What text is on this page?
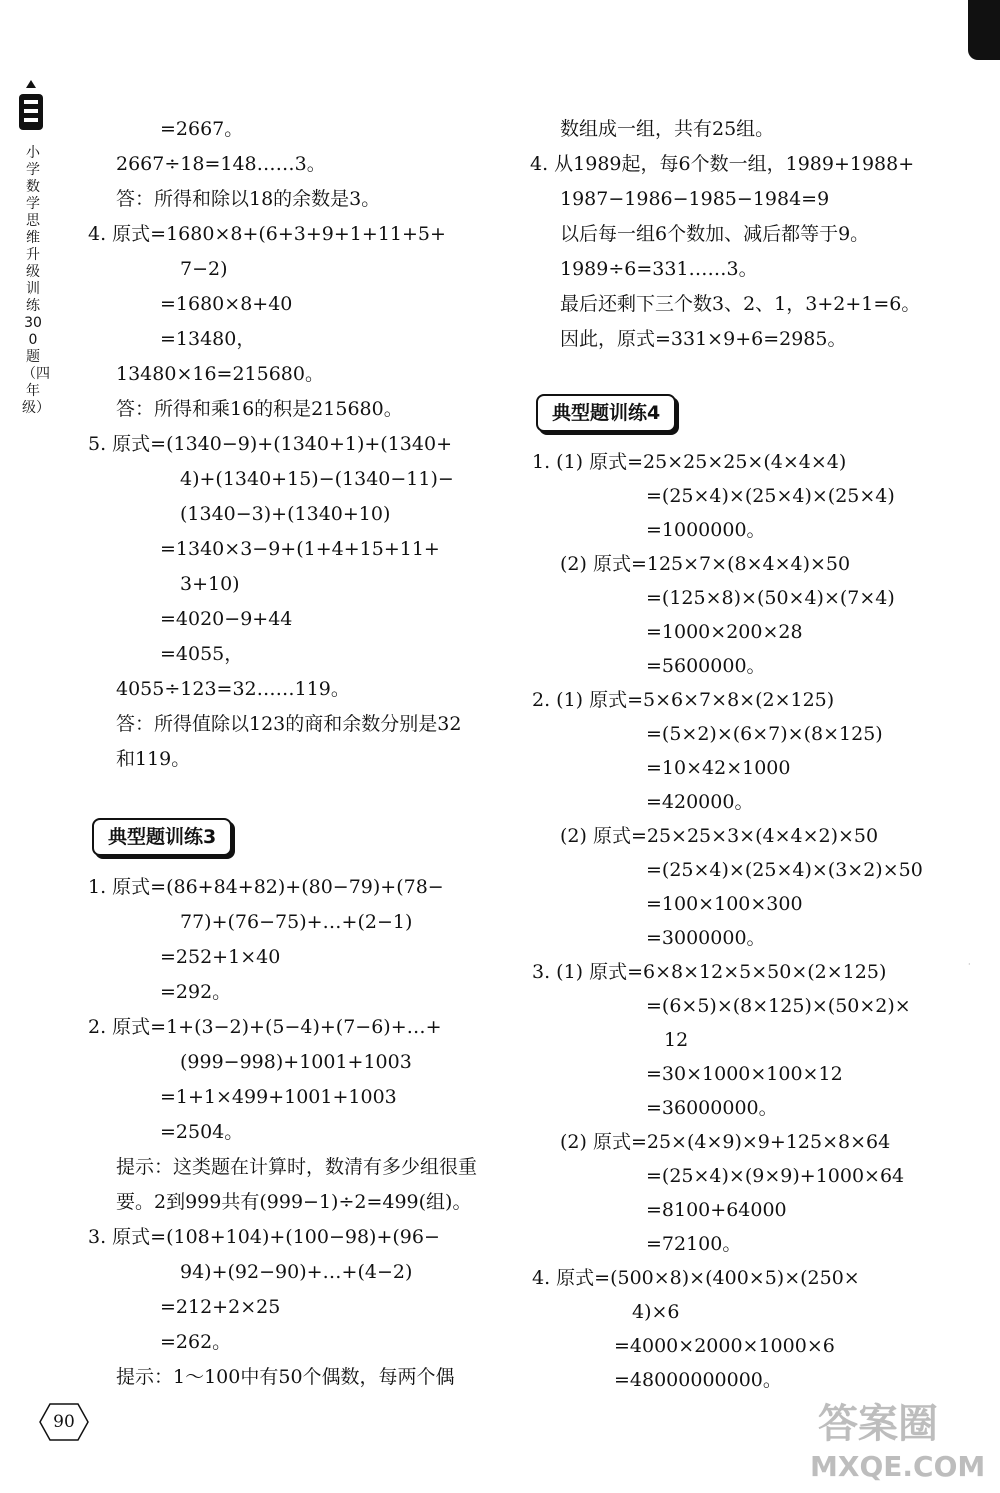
小学数学思维升级训练300题（四年级）
=2667。
2667÷18=148……3。
答：所得和除以18的余数是3。
4. 原式=1680×8+(6+3+9+1+11+5+
7−2)
=1680×8+40
=13480，
13480×16=215680。
答：所得和乘16的积是215680。
5. 原式=(1340−9)+(1340+1)+(1340+
4)+(1340+15)−(1340−11)−
(1340−3)+(1340+10)
=1340×3−9+(1+4+15+11+
3+10)
=4020−9+44
=4055，
4055÷123=32……119。
答：所得值除以123的商和余数分别是32
和119。
典型题训练3
1. 原式=(86+84+82)+(80−79)+(78−
77)+(76−75)+…+(2−1)
=252+1×40
=292。
2. 原式=1+(3−2)+(5−4)+(7−6)+…+
(999−998)+1001+1003
=1+1×499+1001+1003
=2504。
提示：这类题在计算时，数清有多少组很重
要。2到999共有(999−1)÷2=499(组)。
3. 原式=(108+104)+(100−98)+(96−
94)+(92−90)+…+(4−2)
=212+2×25
=262。
提示：1～100中有50个偶数，每两个偶
数组成一组，共有25组。
4. 从1989起，每6个数一组，1989+1988+
1987−1986−1985−1984=9
以后每一组6个数加、减后都等于9。
1989÷6=331……3。
最后还剩下三个数3、2、1，3+2+1=6。
因此，原式=331×9+6=2985。
典型题训练4
1. (1) 原式=25×25×25×(4×4×4)
=(25×4)×(25×4)×(25×4)
=1000000。
(2) 原式=125×7×(8×4×4)×50
=(125×8)×(50×4)×(7×4)
=1000×200×28
=5600000。
2. (1) 原式=5×6×7×8×(2×125)
=(5×2)×(6×7)×(8×125)
=10×42×1000
=420000。
(2) 原式=25×25×3×(4×4×2)×50
=(25×4)×(25×4)×(3×2)×50
=100×100×300
=3000000。
3. (1) 原式=6×8×12×5×50×(2×125)
=(6×5)×(8×125)×(50×2)×
12
=30×1000×100×12
=36000000。
(2) 原式=25×(4×9)×9+125×8×64
=(25×4)×(9×9)+1000×64
=8100+64000
=72100。
4. 原式=(500×8)×(400×5)×(250×
4)×6
=4000×2000×1000×6
=48000000000。
·
90	答案圈
MXQE.COM
